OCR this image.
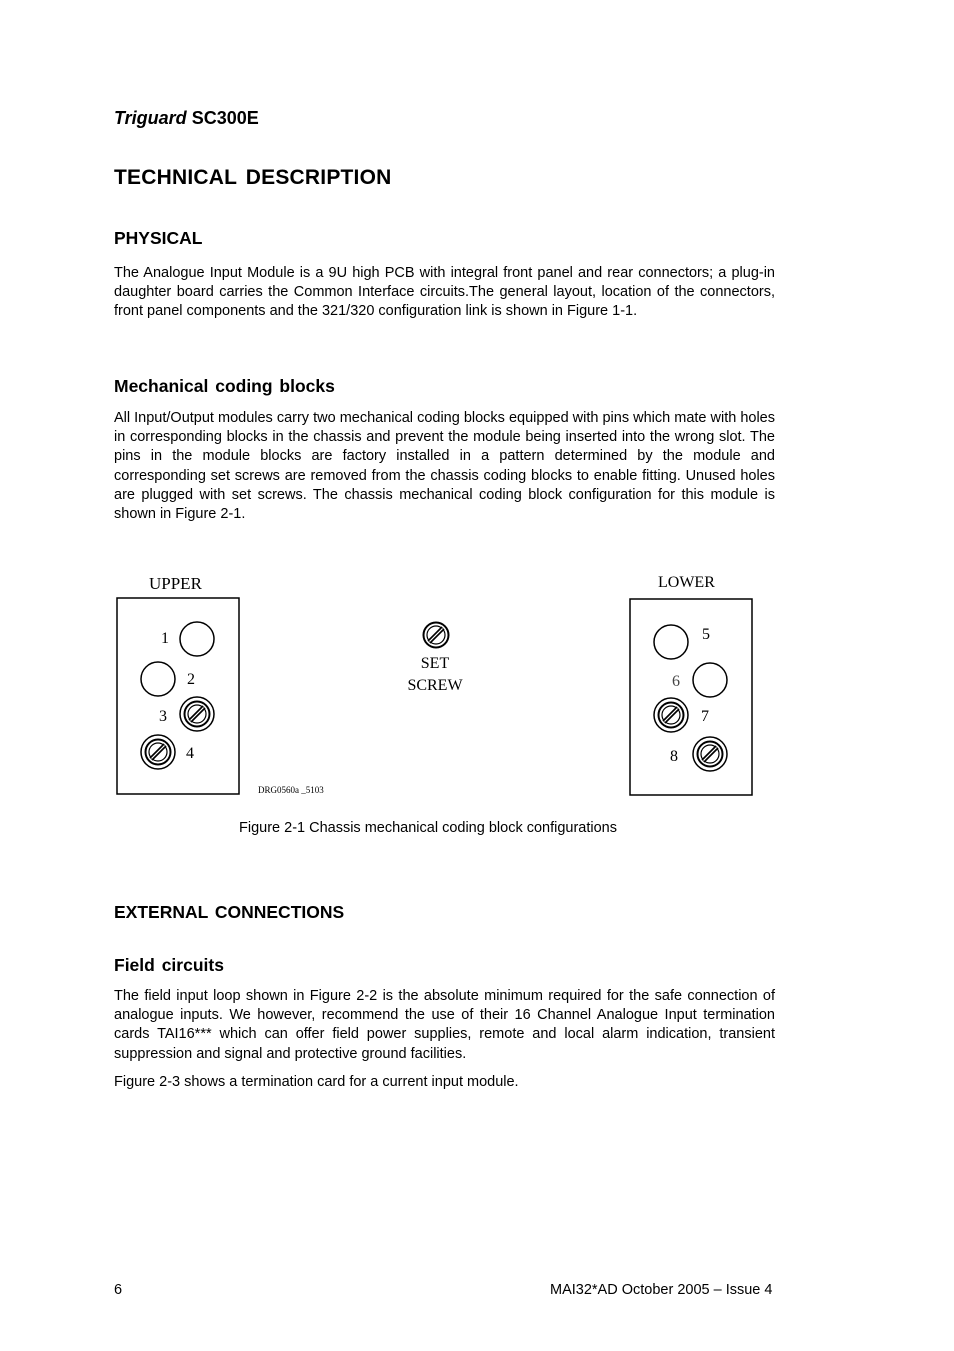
Triguard SC300E

TECHNICAL DESCRIPTION

PHYSICAL

The Analogue Input Module is a 9U high PCB with integral front panel and rear connectors; a plug-in daughter board carries the Common Interface circuits.The general layout, location of the connectors, front panel components and the 321/320 configuration link is shown in Figure 1-1.

Mechanical coding blocks

All Input/Output modules carry two mechanical coding blocks equipped with pins which mate with holes in corresponding blocks in the chassis and prevent the module being inserted into the wrong slot. The pins in the module blocks are factory installed in a pattern determined by the module and corresponding set screws are removed from the chassis coding blocks to enable fitting. Unused holes are plugged with set screws. The chassis mechanical coding block configuration for this module is shown in Figure 2-1.

UPPER
1
2
3
4
DRG0560a _5103
SET
SCREW
LOWER
5
6
7
8

Figure 2-1 Chassis mechanical coding block configurations

EXTERNAL CONNECTIONS

Field circuits

The field input loop shown in Figure 2-2 is the absolute minimum required for the safe connection of analogue inputs. We however, recommend the use of their 16 Channel Analogue Input termination cards TAI16*** which can offer field power supplies, remote and local alarm indication, transient suppression and signal and protective ground facilities.

Figure 2-3 shows a termination card for a current input module.

6	MAI32*AD October 2005 – Issue 4
